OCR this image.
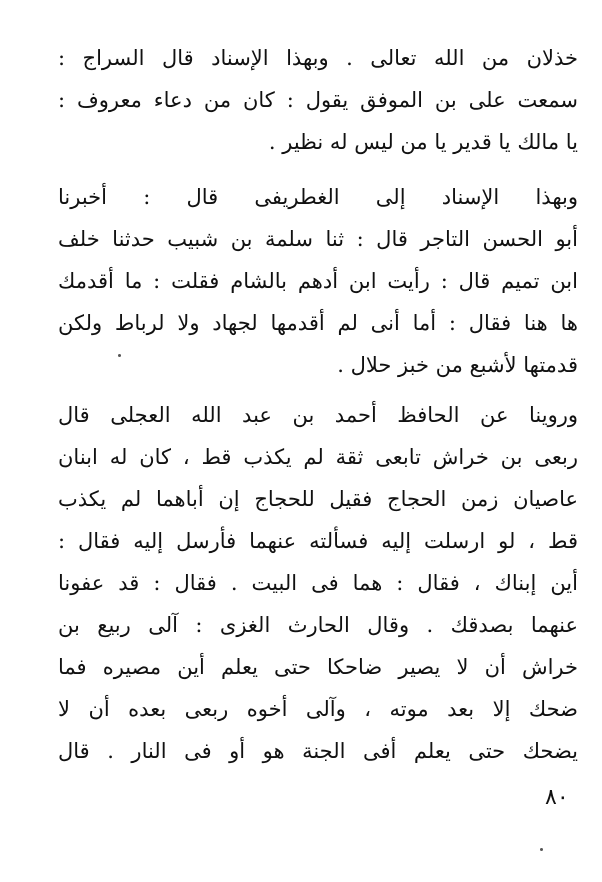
خذلان من الله تعالى . وبهذا الإسناد قال السراج :
سمعت على بن الموفق يقول : كان من دعاء معروف :
يا مالك يا قدير يا من ليس له نظير .
وبهذا الإسناد إلى الغطريفى قال : أخبرنا
أبو الحسن التاجر قال : ثنا سلمة بن شبيب حدثنا خلف
ابن تميم قال : رأيت ابن أدهم بالشام فقلت : ما أقدمك
ها هنا فقال : أما أنى لم أقدمها لجهاد ولا لرباط ولكن
قدمتها لأشبع من خبز حلال .
وروينا عن الحافظ أحمد بن عبد الله العجلى قال
ربعى بن خراش تابعى ثقة لم يكذب قط ، كان له ابنان
عاصيان زمن الحجاج فقيل للحجاج إن أباهما لم يكذب
قط ، لو ارسلت إليه فسألته عنهما فأرسل إليه فقال :
أين إبناك ، فقال : هما فى البيت . فقال : قد عفونا
عنهما بصدقك . وقال الحارث الغزى : آلى ربيع بن
خراش أن لا يصير ضاحكا حتى يعلم أين مصيره فما
ضحك إلا بعد موته ، وآلى أخوه ربعى بعده أن لا
يضحك حتى يعلم أفى الجنة هو أو فى النار . قال
٨٠
